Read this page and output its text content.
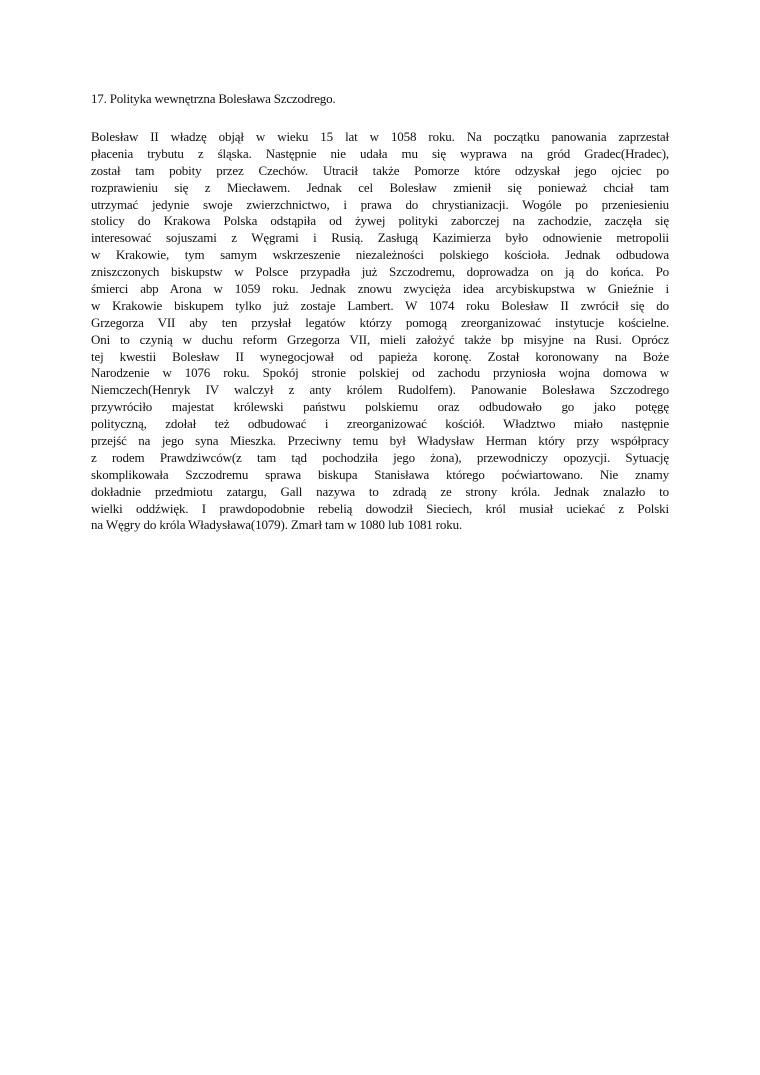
17. Polityka wewnętrzna Bolesława Szczodrego.

Bolesław II władzę objął w wieku 15 lat w 1058 roku. Na początku panowania zaprzestał
płacenia trybutu z śląska. Następnie nie udała mu się wyprawa na gród Gradec(Hradec),
został tam pobity przez Czechów. Utracił także Pomorze które odzyskał jego ojciec po
rozprawieniu się z Miecławem. Jednak cel Bolesław zmienił się ponieważ chciał tam
utrzymać jedynie swoje zwierzchnictwo, i prawa do chrystianizacji. Wogóle po przeniesieniu
stolicy do Krakowa Polska odstąpiła od żywej polityki zaborczej na zachodzie, zaczęła się
interesować sojuszami z Węgrami i Rusią. Zasługą Kazimierza było odnowienie metropolii
w Krakowie, tym samym wskrzeszenie niezależności polskiego kościoła. Jednak odbudowa
zniszczonych biskupstw w Polsce przypadła już Szczodremu, doprowadza on ją do końca. Po
śmierci abp Arona w 1059 roku. Jednak znowu zwycięża idea arcybiskupstwa w Gnieźnie i
w Krakowie biskupem tylko już zostaje Lambert. W 1074 roku Bolesław II zwrócił się do
Grzegorza VII aby ten przysłał legatów którzy pomogą zreorganizować instytucje kościelne.
Oni to czynią w duchu reform Grzegorza VII, mieli założyć także bp misyjne na Rusi. Oprócz
tej kwestii Bolesław II wynegocjował od papieża koronę. Został koronowany na Boże
Narodzenie w 1076 roku. Spokój stronie polskiej od zachodu przyniosła wojna domowa w
Niemczech(Henryk IV walczył z anty królem Rudolfem). Panowanie Bolesława Szczodrego
przywróciło majestat królewski państwu polskiemu oraz odbudowało go jako potęgę
polityczną, zdołał też odbudować i zreorganizować kościół. Władztwo miało następnie
przejść na jego syna Mieszka. Przeciwny temu był Władysław Herman który przy współpracy
z rodem Prawdziwców(z tam tąd pochodziła jego żona), przewodniczy opozycji. Sytuację
skomplikowała Szczodremu sprawa biskupa Stanisława którego poćwiartowano. Nie znamy
dokładnie przedmiotu zatargu, Gall nazywa to zdradą ze strony króla. Jednak znalazło to
wielki oddźwięk. I prawdopodobnie rebelią dowodził Sieciech, król musiał uciekać z Polski
na Węgry do króla Władysława(1079). Zmarł tam w 1080 lub 1081 roku.
